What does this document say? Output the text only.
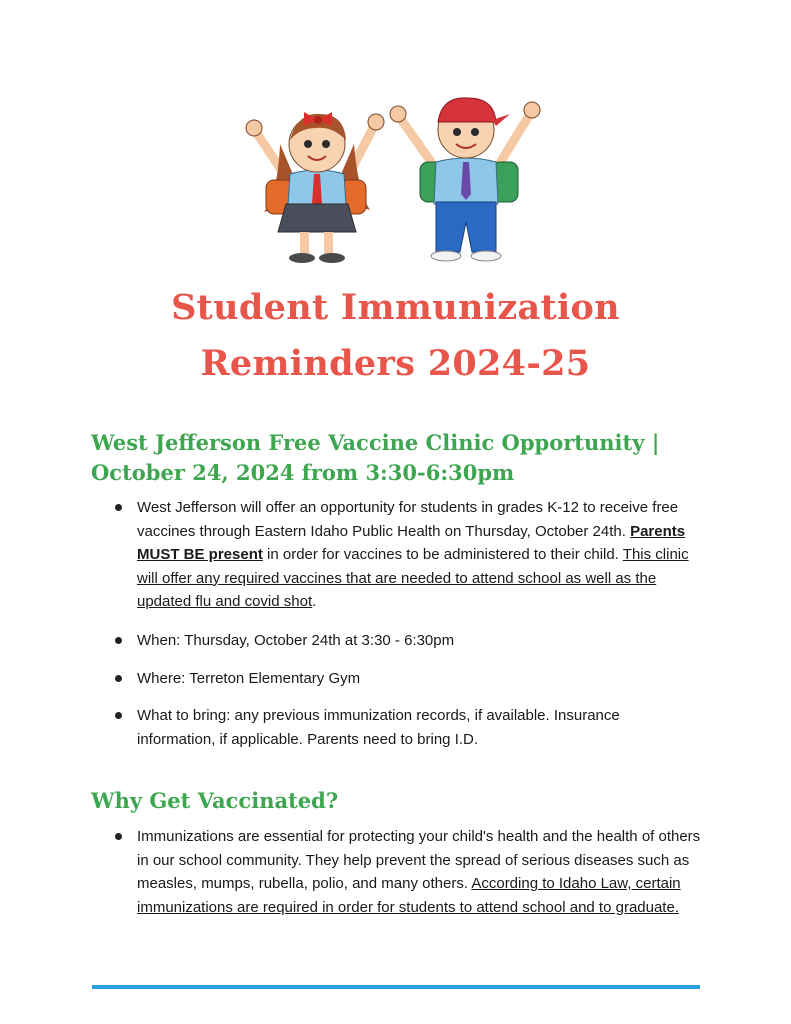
Student Immunization
Reminders 2024-25
West Jefferson Free Vaccine Clinic Opportunity |
October 24, 2024 from 3:30-6:30pm

West Jefferson will offer an opportunity for students in grades K-12 to receive free vaccines through Eastern Idaho Public Health on Thursday, October 24th. Parents MUST BE present in order for vaccines to be administered to their child. This clinic will offer any required vaccines that are needed to attend school as well as the updated flu and covid shot.

When: Thursday, October 24th at 3:30 - 6:30pm

Where: Terreton Elementary Gym

What to bring: any previous immunization records, if available. Insurance information, if applicable. Parents need to bring I.D.

Why Get Vaccinated?

Immunizations are essential for protecting your child's health and the health of others in our school community. They help prevent the spread of serious diseases such as measles, mumps, rubella, polio, and many others. According to Idaho Law, certain immunizations are required in order for students to attend school and to graduate.
